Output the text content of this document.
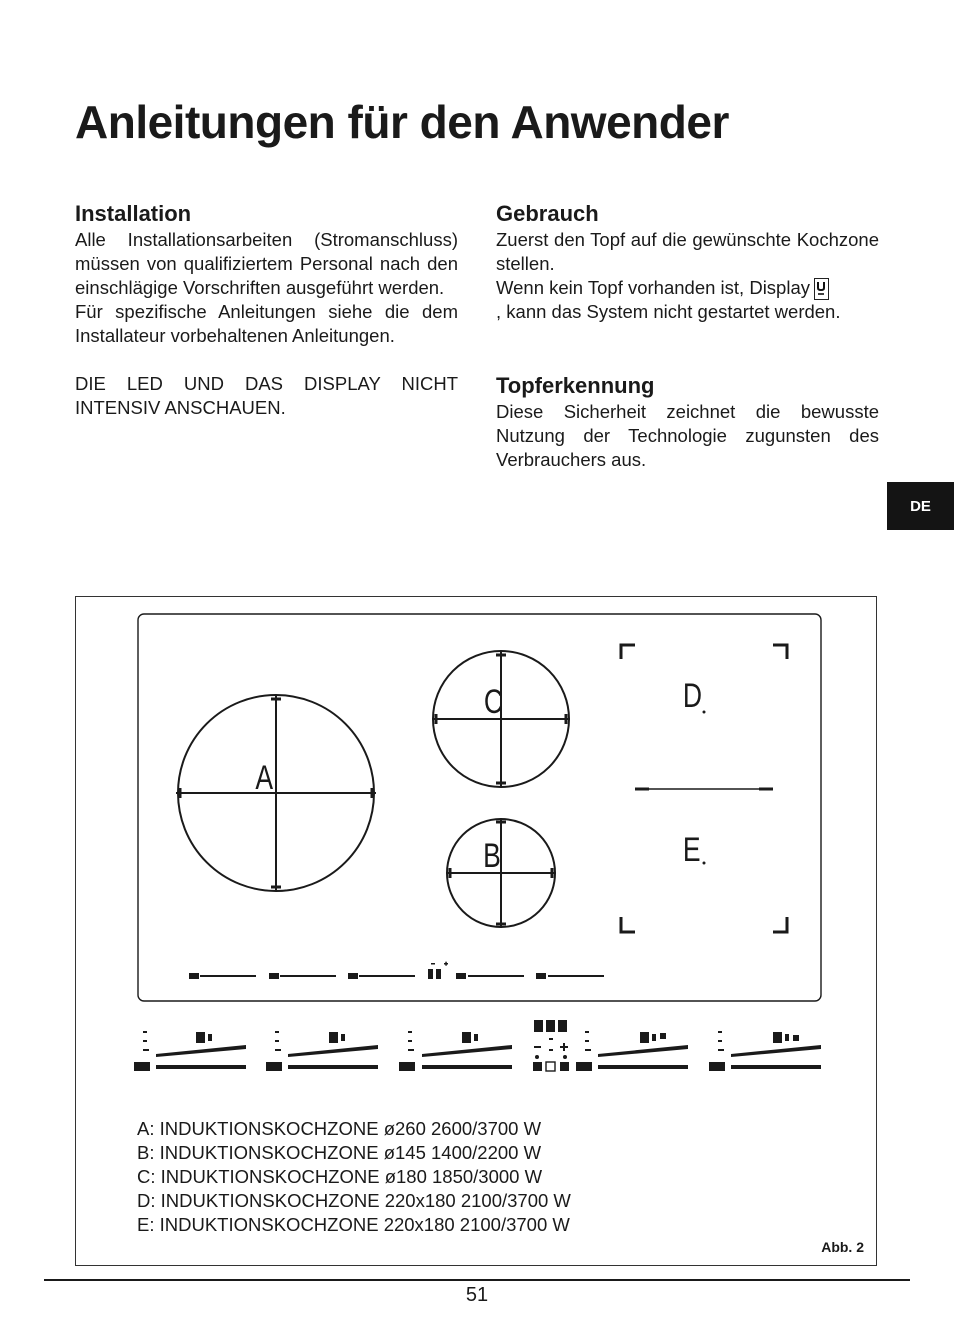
Anleitungen für den Anwender
Installation

Alle Installationsarbeiten (Stromanschluss) müssen von qualifiziertem Personal nach den einschlägige Vorschriften ausgeführt werden.

Für spezifische Anleitungen siehe die dem Installateur vorbehaltenen Anleitungen.

DIE LED UND DAS DISPLAY NICHT INTENSIV ANSCHAUEN.

Gebrauch

Zuerst den Topf auf die gewünschte Kochzone stellen.

Wenn kein Topf vorhanden ist, Display

, kann das System nicht gestartet werden.

Topferkennung

Diese Sicherheit zeichnet die bewusste Nutzung der Technologie zugunsten des Verbrauchers aus.

DE
A
B
C	D
E
A: INDUKTIONSKOCHZONE ø260 2600/3700 W
B: INDUKTIONSKOCHZONE ø145 1400/2200 W
C: INDUKTIONSKOCHZONE ø180 1850/3000 W
D: INDUKTIONSKOCHZONE 220x180 2100/3700 W
E: INDUKTIONSKOCHZONE 220x180 2100/3700 W
Abb. 2
51
